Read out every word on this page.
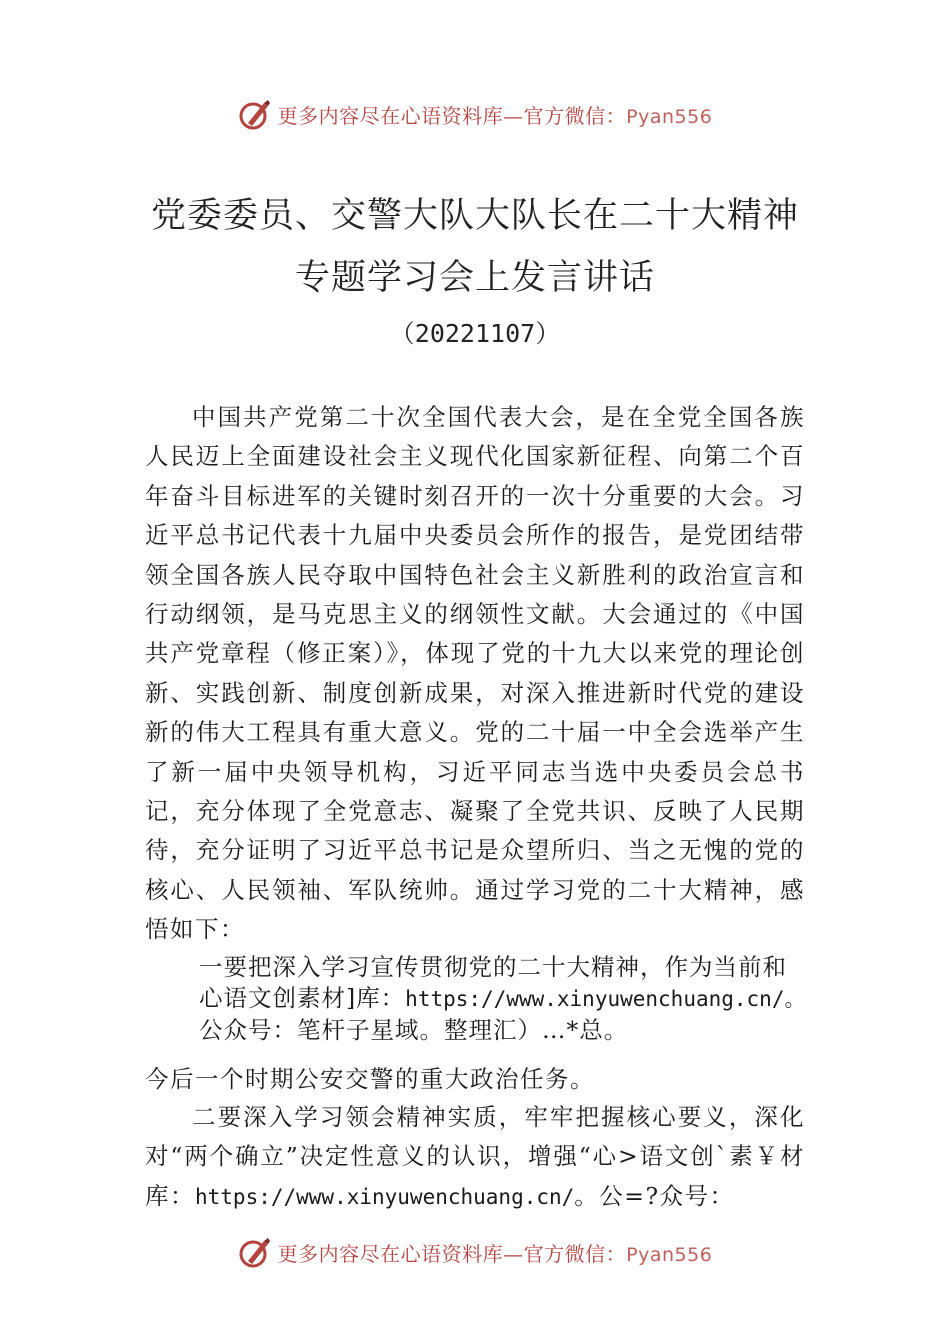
更多内容尽在心语资料库—官方微信：Pyan556
党委委员、交警大队大队长在二十大精神
专题学习会上发言讲话
（20221107）
中国共产党第二十次全国代表大会，是在全党全国各族人民迈上全面建设社会主义现代化国家新征程、向第二个百年奋斗目标进军的关键时刻召开的一次十分重要的大会。习近平总书记代表十九届中央委员会所作的报告，是党团结带领全国各族人民夺取中国特色社会主义新胜利的政治宣言和行动纲领，是马克思主义的纲领性文献。大会通过的《中国共产党章程（修正案）》，体现了党的十九大以来党的理论创新、实践创新、制度创新成果，对深入推进新时代党的建设新的伟大工程具有重大意义。党的二十届一中全会选举产生了新一届中央领导机构，习近平同志当选中央委员会总书记，充分体现了全党意志、凝聚了全党共识、反映了人民期待，充分证明了习近平总书记是众望所归、当之无愧的党的核心、人民领袖、军队统帅。通过学习党的二十大精神，感悟如下：
一要把深入学习宣传贯彻党的二十大精神，作为当前和
心语文创素材]库：https://www.xinyuwenchuang.cn/。
公众号：笔杆子星域。整理汇）…*总。
今后一个时期公安交警的重大政治任务。
二要深入学习领会精神实质，牢牢把握核心要义，深化对“两个确立”决定性意义的认识，增强“心>语文创`素￥材库：https://www.xinyuwenchuang.cn/。公=?众号：
更多内容尽在心语资料库—官方微信：Pyan556
